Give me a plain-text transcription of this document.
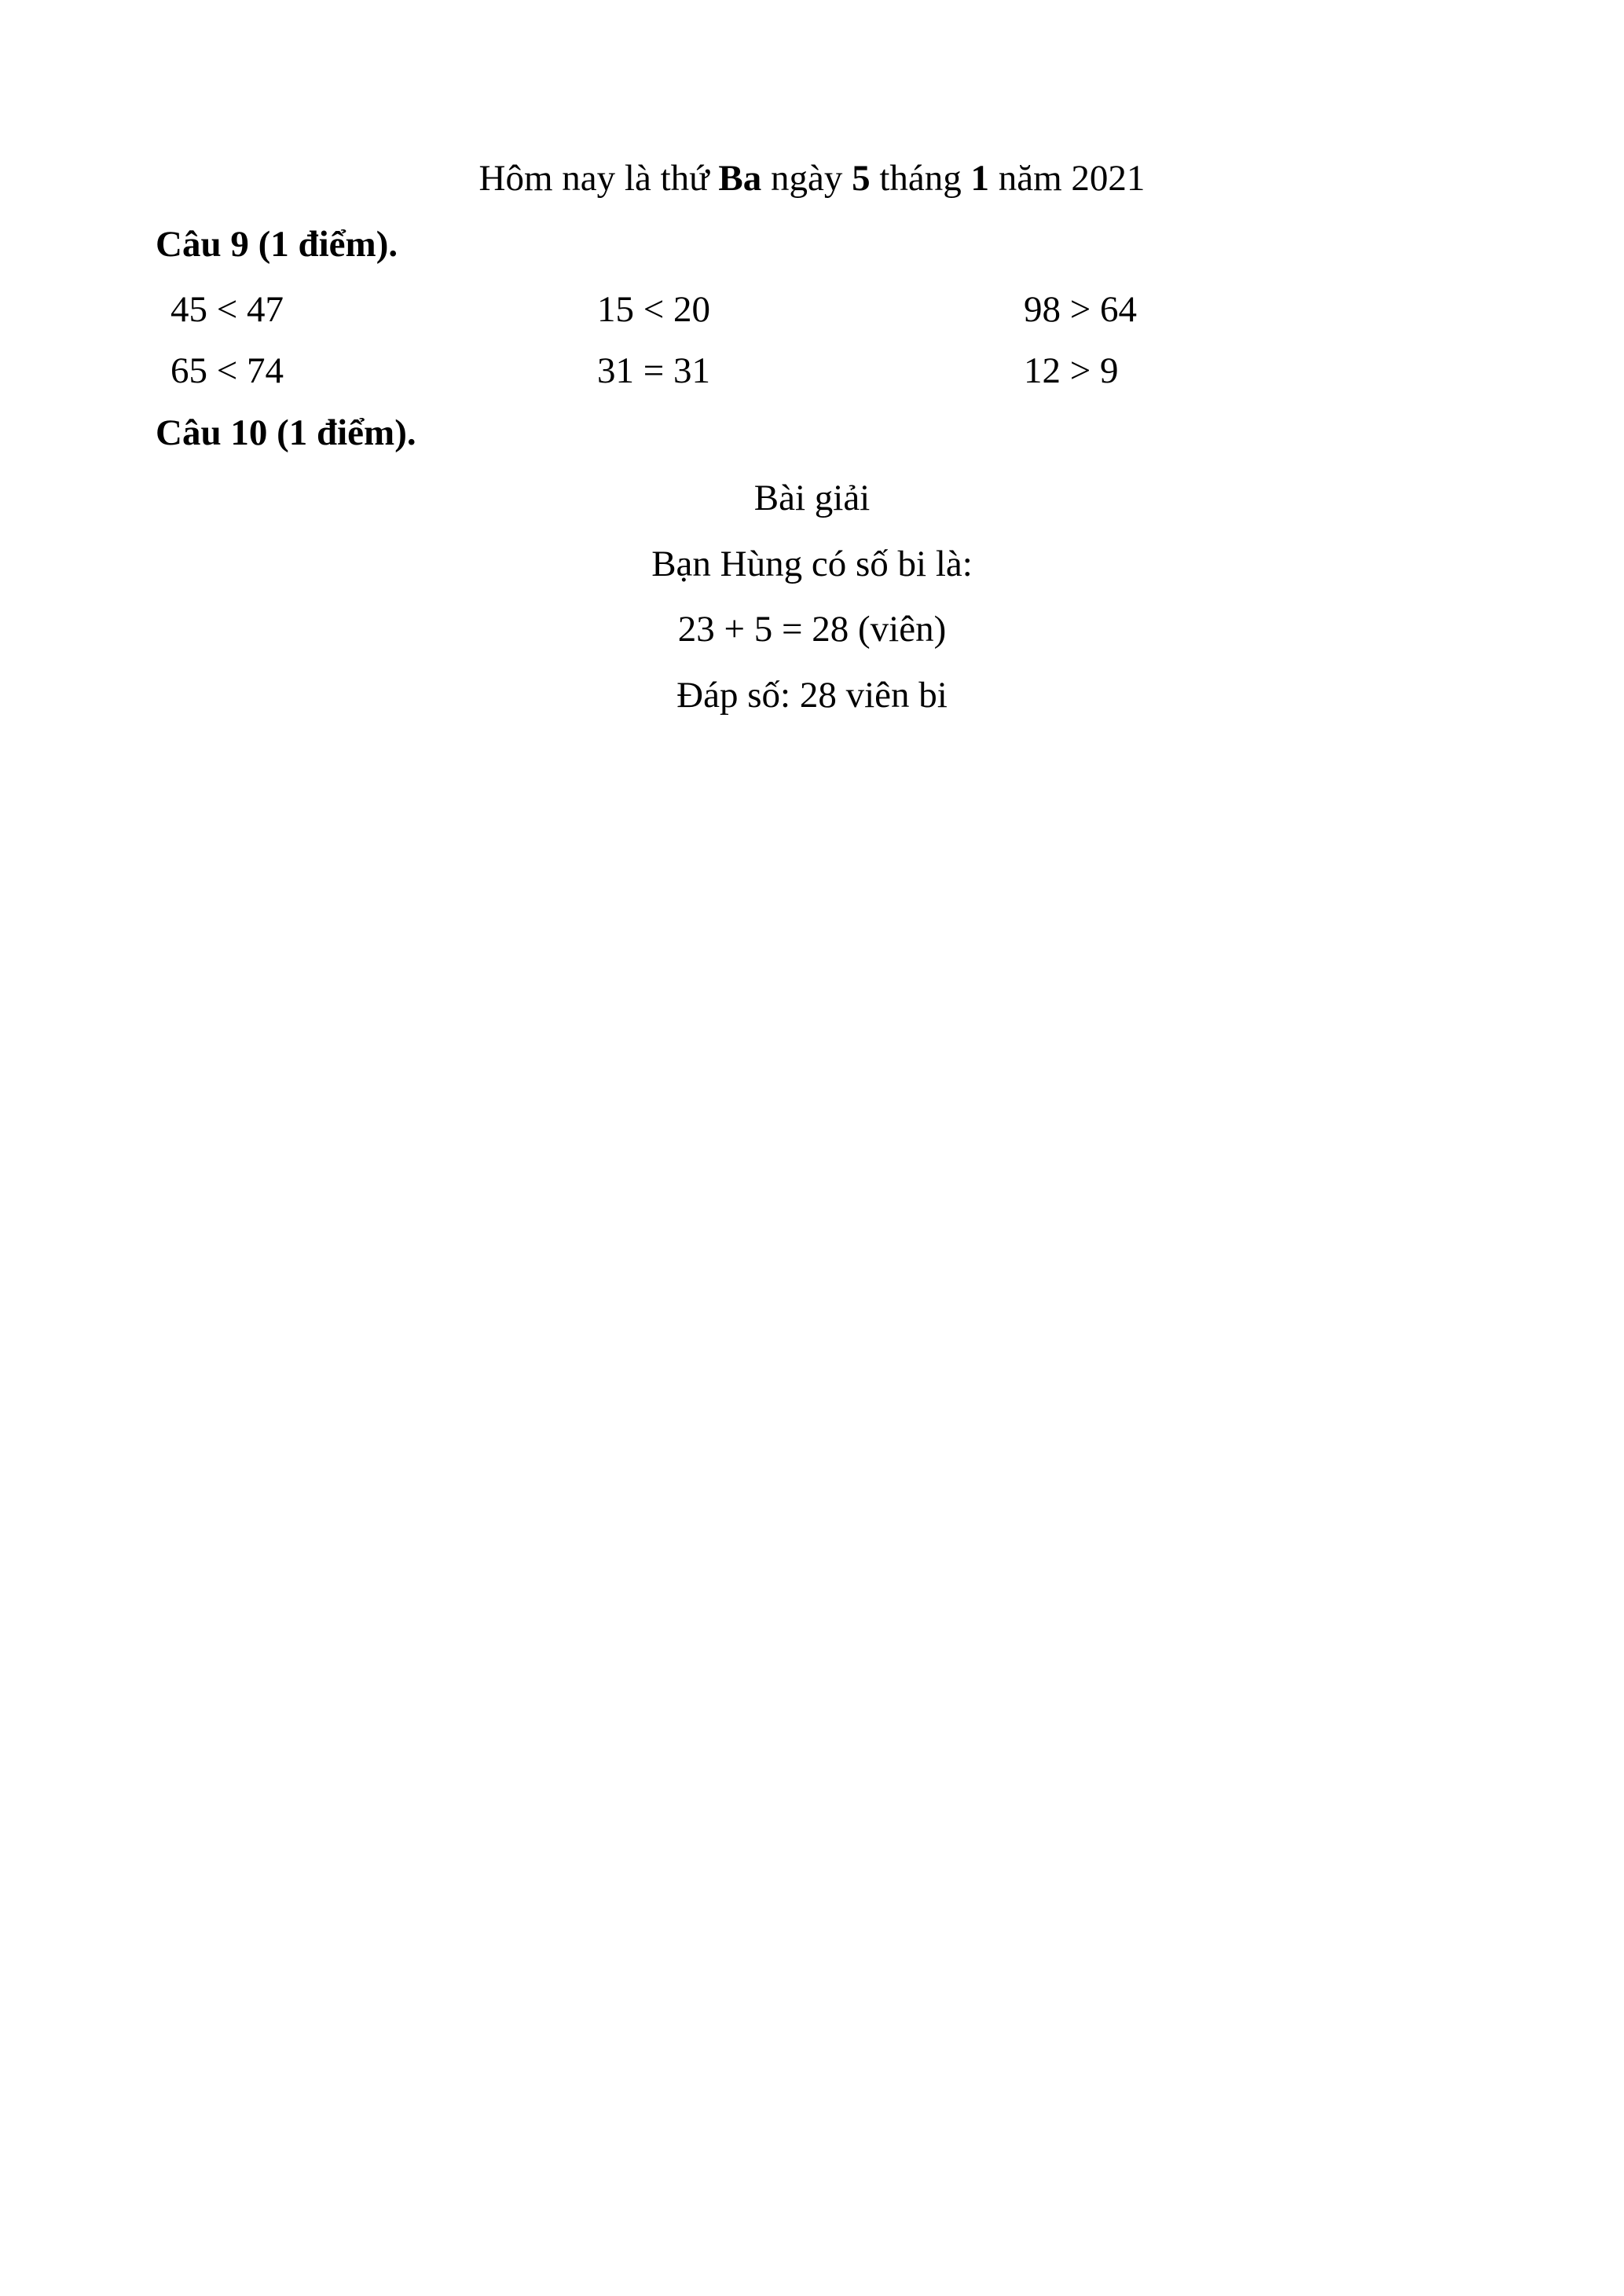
Hôm nay là thứ Ba ngày 5 tháng 1 năm 2021
Câu 9 (1 điểm).
45 < 47	15 < 20	98 > 64
65 < 74	31 = 31	12 > 9
Câu 10 (1 điểm).
Bài giải
Bạn Hùng có số bi là:
23 + 5 = 28 (viên)
Đáp số: 28 viên bi
